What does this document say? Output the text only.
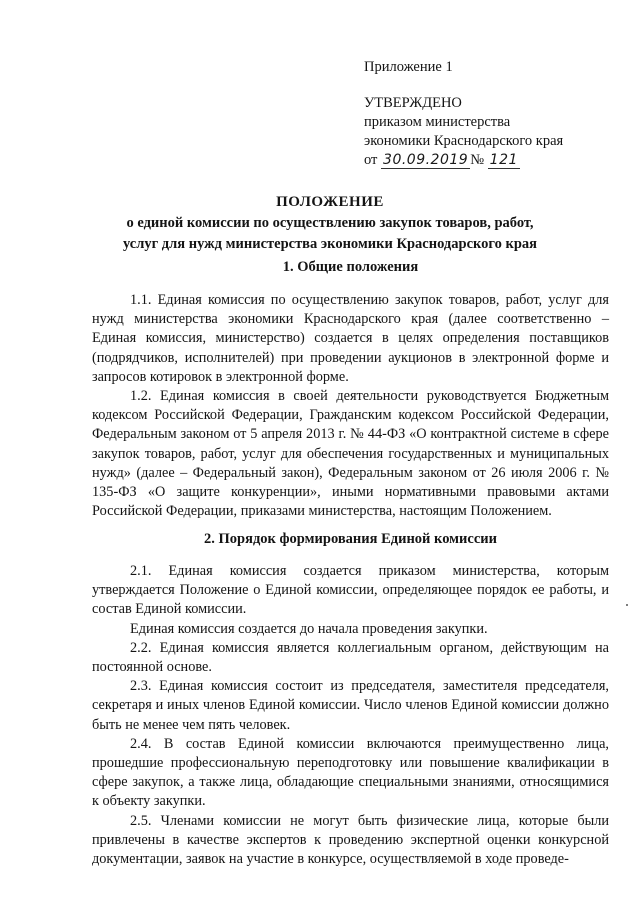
Приложение 1
УТВЕРЖДЕНО
приказом министерства
экономики Краснодарского края
от 30.09.2019 № 121
ПОЛОЖЕНИЕ
о единой комиссии по осуществлению закупок товаров, работ,
услуг для нужд министерства экономики Краснодарского края
1. Общие положения

1.1. Единая комиссия по осуществлению закупок товаров, работ, услуг для нужд министерства экономики Краснодарского края (далее соответственно – Единая комиссия, министерство) создается в целях определения поставщиков (подрядчиков, исполнителей) при проведении аукционов в электронной форме и запросов котировок в электронной форме.

1.2. Единая комиссия в своей деятельности руководствуется Бюджетным кодексом Российской Федерации, Гражданским кодексом Российской Федерации, Федеральным законом от 5 апреля 2013 г. № 44-ФЗ «О контрактной системе в сфере закупок товаров, работ, услуг для обеспечения государственных и муниципальных нужд» (далее – Федеральный закон), Федеральным законом от 26 июля 2006 г. № 135-ФЗ «О защите конкуренции», иными нормативными правовыми актами Российской Федерации, приказами министерства, настоящим Положением.

2. Порядок формирования Единой комиссии

2.1. Единая комиссия создается приказом министерства, которым утверждается Положение о Единой комиссии, определяющее порядок ее работы, и состав Единой комиссии.

Единая комиссия создается до начала проведения закупки.

2.2. Единая комиссия является коллегиальным органом, действующим на постоянной основе.

2.3. Единая комиссия состоит из председателя, заместителя председателя, секретаря и иных членов Единой комиссии. Число членов Единой комиссии должно быть не менее чем пять человек.

2.4. В состав Единой комиссии включаются преимущественно лица, прошедшие профессиональную переподготовку или повышение квалификации в сфере закупок, а также лица, обладающие специальными знаниями, относящимися к объекту закупки.

2.5. Членами комиссии не могут быть физические лица, которые были привлечены в качестве экспертов к проведению экспертной оценки конкурсной документации, заявок на участие в конкурсе, осуществляемой в ходе проведе-
